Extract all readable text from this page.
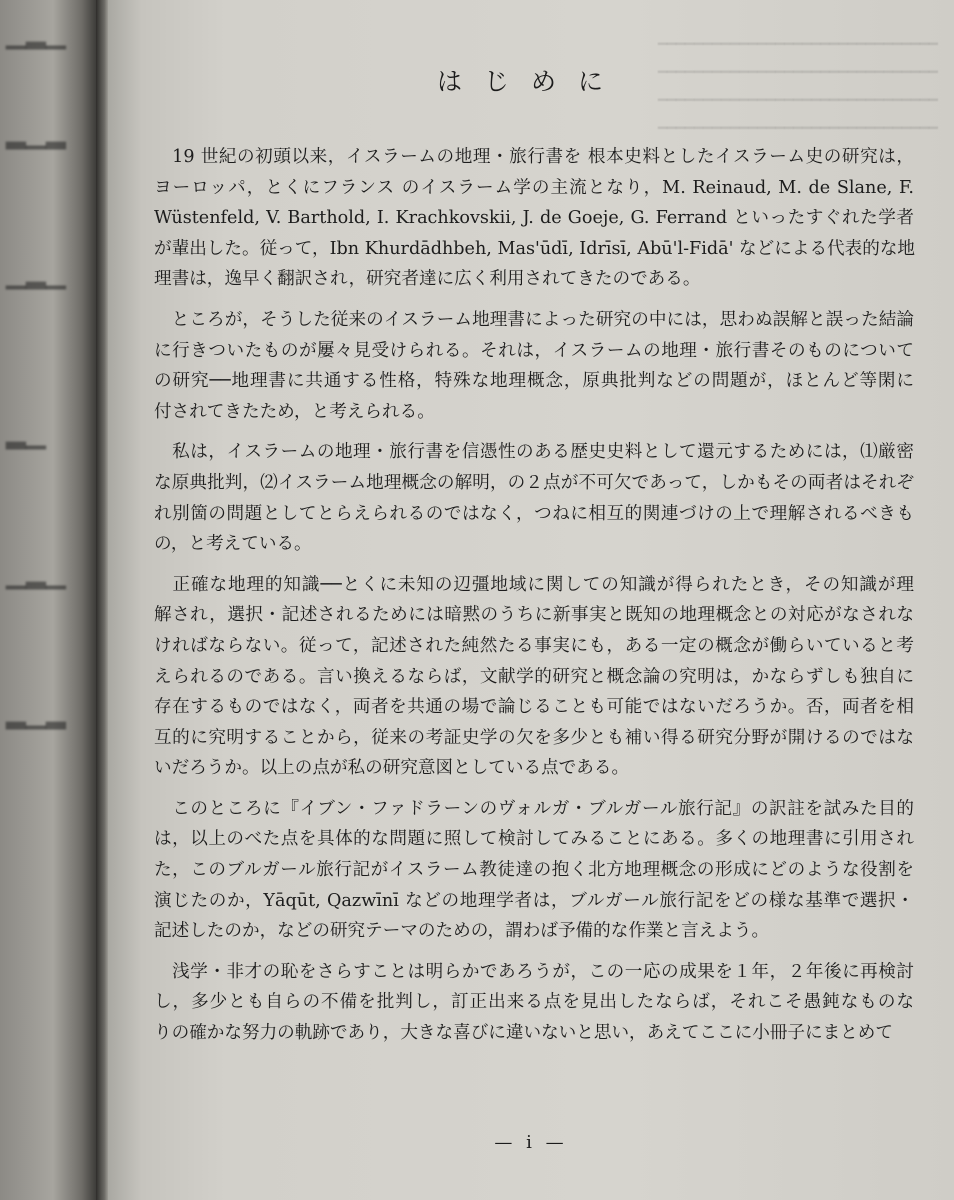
▁▂▁
▂▁▂
▁▂▁
▂▁
▁▂▁
▂▁▂
━━━━━━━━━━━━━━━━━━━━━━━━━━━━━━━
━━━━━━━━━━━━━━━━━━━━━━━━━━━━━━━
━━━━━━━━━━━━━━━━━━━━━━━━━━━━━━━
━━━━━━━━━━━━━━━━━━━━━━━━━━━━━━━
はじめに
　19 世紀の初頭以来，イスラームの地理・旅行書を 根本史料としたイスラーム史の研究は，
ヨーロッパ，とくにフランス のイスラーム学の主流となり，M. Reinaud, M. de Slane, F.
Wüstenfeld, V. Barthold, I. Krachkovskii, J. de Goeje, G. Ferrand といったすぐれた学者
が輩出した。従って，Ibn Khurdādhbeh, Mas'ūdī, Idrīsī, Abū'l-Fidā' などによる代表的な地
理書は，逸早く翻訳され，研究者達に広く利用されてきたのである。
　ところが，そうした従来のイスラーム地理書によった研究の中には，思わぬ誤解と誤った結論
に行きついたものが屢々見受けられる。それは，イスラームの地理・旅行書そのものについて
の研究──地理書に共通する性格，特殊な地理概念，原典批判などの問題が，ほとんど等閑に
付されてきたため，と考えられる。
　私は，イスラームの地理・旅行書を信憑性のある歴史史料として還元するためには，⑴厳密
な原典批判，⑵イスラーム地理概念の解明，の２点が不可欠であって，しかもその両者はそれぞ
れ別箇の問題としてとらえられるのではなく，つねに相互的関連づけの上で理解されるべきも
の，と考えている。
　正確な地理的知識──とくに未知の辺彊地域に関しての知識が得られたとき，その知識が理
解され，選択・記述されるためには暗黙のうちに新事実と既知の地理概念との対応がなされな
ければならない。従って，記述された純然たる事実にも，ある一定の概念が働らいていると考
えられるのである。言い換えるならば，文献学的研究と概念論の究明は，かならずしも独自に
存在するものではなく，両者を共通の場で論じることも可能ではないだろうか。否，両者を相
互的に究明することから，従来の考証史学の欠を多少とも補い得る研究分野が開けるのではな
いだろうか。以上の点が私の研究意図としている点である。
　このところに『イブン・ファドラーンのヴォルガ・ブルガール旅行記』の訳註を試みた目的
は，以上のべた点を具体的な問題に照して検討してみることにある。多くの地理書に引用され
た，このブルガール旅行記がイスラーム教徒達の抱く北方地理概念の形成にどのような役割を
演じたのか，Yāqūt, Qazwīnī などの地理学者は，ブルガール旅行記をどの様な基準で選択・
記述したのか，などの研究テーマのための，謂わば予備的な作業と言えよう。
　浅学・非才の恥をさらすことは明らかであろうが，この一応の成果を１年，２年後に再検討
し，多少とも自らの不備を批判し，訂正出来る点を見出したならば，それこそ愚鈍なものな
りの確かな努力の軌跡であり，大きな喜びに違いないと思い，あえてここに小冊子にまとめて
— i —
